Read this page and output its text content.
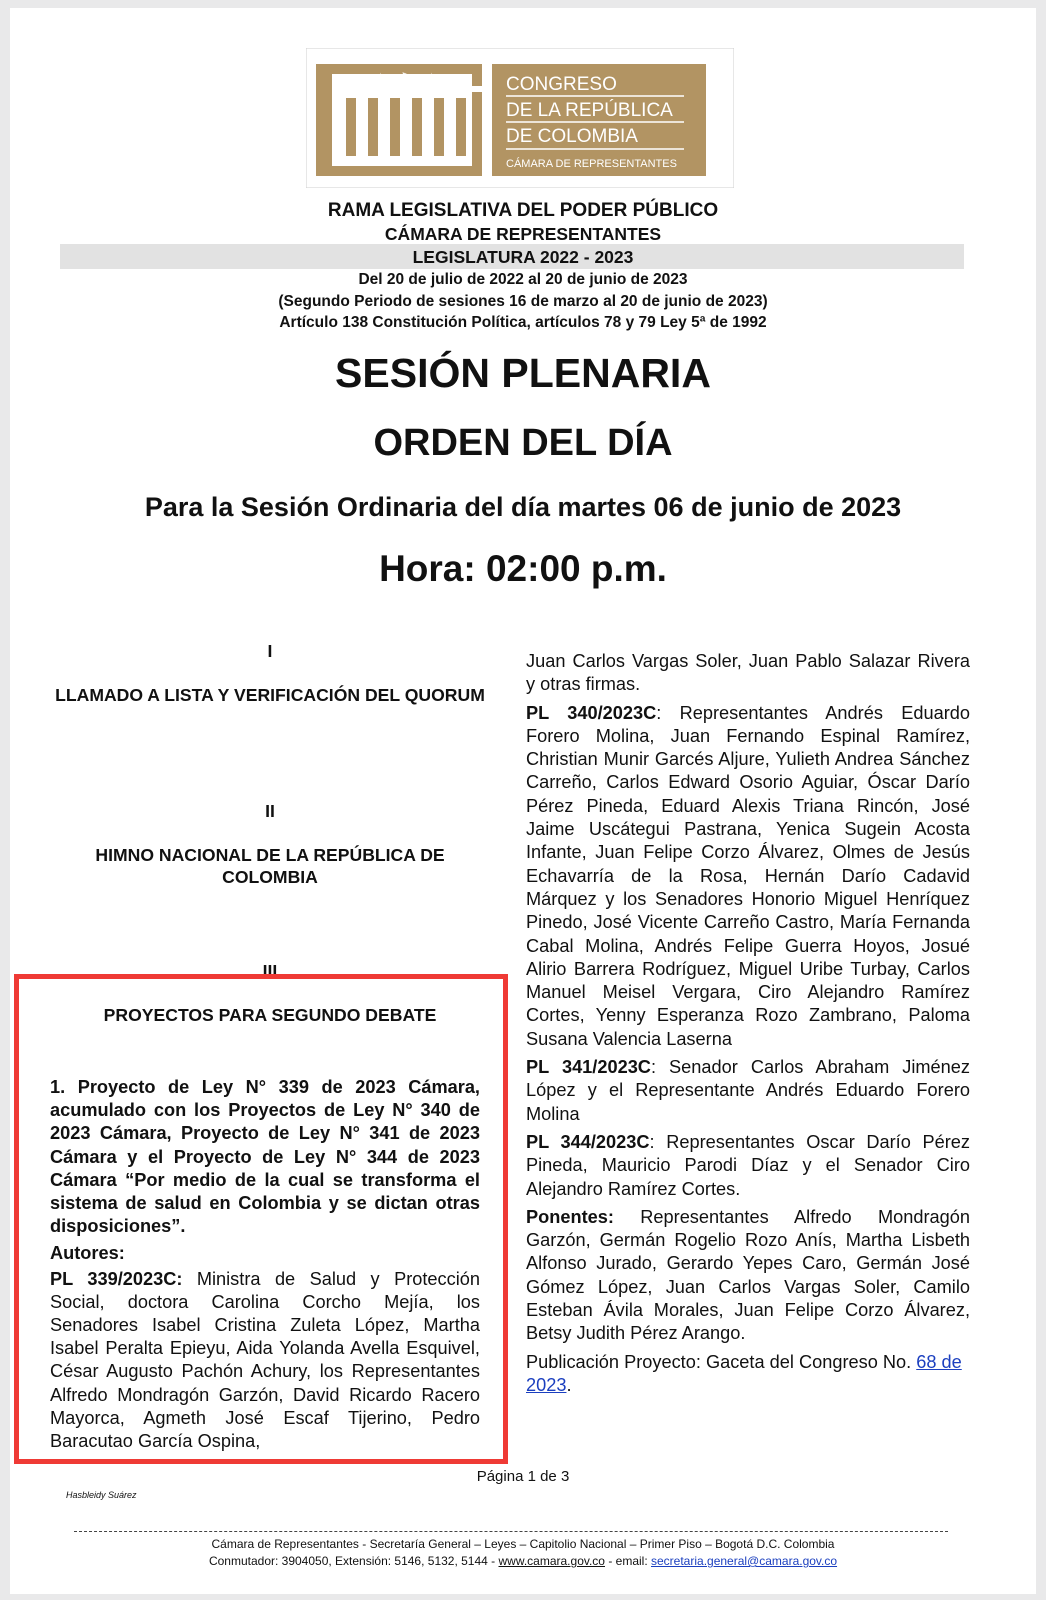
· ✶ · ⚑ · ✶ ·	CONGRESO
DE LA REPÚBLICA
DE COLOMBIA
CÁMARA DE REPRESENTANTES
RAMA LEGISLATIVA DEL PODER PÚBLICO
CÁMARA DE REPRESENTANTES
LEGISLATURA 2022 - 2023
Del 20 de julio de 2022 al 20 de junio de 2023
(Segundo Periodo de sesiones 16 de marzo al 20 de junio de 2023)
Artículo 138 Constitución Política, artículos 78 y 79 Ley 5ª de 1992
SESIÓN PLENARIA
ORDEN DEL DÍA
Para la Sesión Ordinaria del día martes 06 de junio de 2023
Hora: 02:00 p.m.
I
LLAMADO A LISTA Y VERIFICACIÓN DEL QUORUM
II
HIMNO NACIONAL DE LA REPÚBLICA DE COLOMBIA
III
PROYECTOS PARA SEGUNDO DEBATE

1. Proyecto de Ley N° 339 de 2023 Cámara, acumulado con los Proyectos de Ley N° 340 de 2023 Cámara, Proyecto de Ley N° 341 de 2023 Cámara y el Proyecto de Ley N° 344 de 2023 Cámara “Por medio de la cual se transforma el sistema de salud en Colombia y se dictan otras disposiciones”.

Autores:

PL 339/2023C: Ministra de Salud y Protección Social, doctora Carolina Corcho Mejía, los Senadores Isabel Cristina Zuleta López, Martha Isabel Peralta Epieyu, Aida Yolanda Avella Esquivel, César Augusto Pachón Achury, los Representantes Alfredo Mondragón Garzón, David Ricardo Racero Mayorca, Agmeth José Escaf Tijerino, Pedro Baracutao García Ospina,

Juan Carlos Vargas Soler, Juan Pablo Salazar Rivera y otras firmas.

PL 340/2023C: Representantes Andrés Eduardo Forero Molina, Juan Fernando Espinal Ramírez, Christian Munir Garcés Aljure, Yulieth Andrea Sánchez Carreño, Carlos Edward Osorio Aguiar, Óscar Darío Pérez Pineda, Eduard Alexis Triana Rincón, José Jaime Uscátegui Pastrana, Yenica Sugein Acosta Infante, Juan Felipe Corzo Álvarez, Olmes de Jesús Echavarría de la Rosa, Hernán Darío Cadavid Márquez y los Senadores Honorio Miguel Henríquez Pinedo, José Vicente Carreño Castro, María Fernanda Cabal Molina, Andrés Felipe Guerra Hoyos, Josué Alirio Barrera Rodríguez, Miguel Uribe Turbay, Carlos Manuel Meisel Vergara, Ciro Alejandro Ramírez Cortes, Yenny Esperanza Rozo Zambrano, Paloma Susana Valencia Laserna

PL 341/2023C: Senador Carlos Abraham Jiménez López y el Representante Andrés Eduardo Forero Molina

PL 344/2023C: Representantes Oscar Darío Pérez Pineda, Mauricio Parodi Díaz y el Senador Ciro Alejandro Ramírez Cortes.

Ponentes: Representantes Alfredo Mondragón Garzón, Germán Rogelio Rozo Anís, Martha Lisbeth Alfonso Jurado, Gerardo Yepes Caro, Germán José Gómez López, Juan Carlos Vargas Soler, Camilo Esteban Ávila Morales, Juan Felipe Corzo Álvarez, Betsy Judith Pérez Arango.

Publicación Proyecto: Gaceta del Congreso No. 68 de 2023.

Página 1 de 3
Hasbleidy Suárez
Cámara de Representantes - Secretaría General – Leyes – Capitolio Nacional – Primer Piso – Bogotá D.C. Colombia
Conmutador: 3904050, Extensión: 5146, 5132, 5144 - www.camara.gov.co - email: secretaria.general@camara.gov.co
